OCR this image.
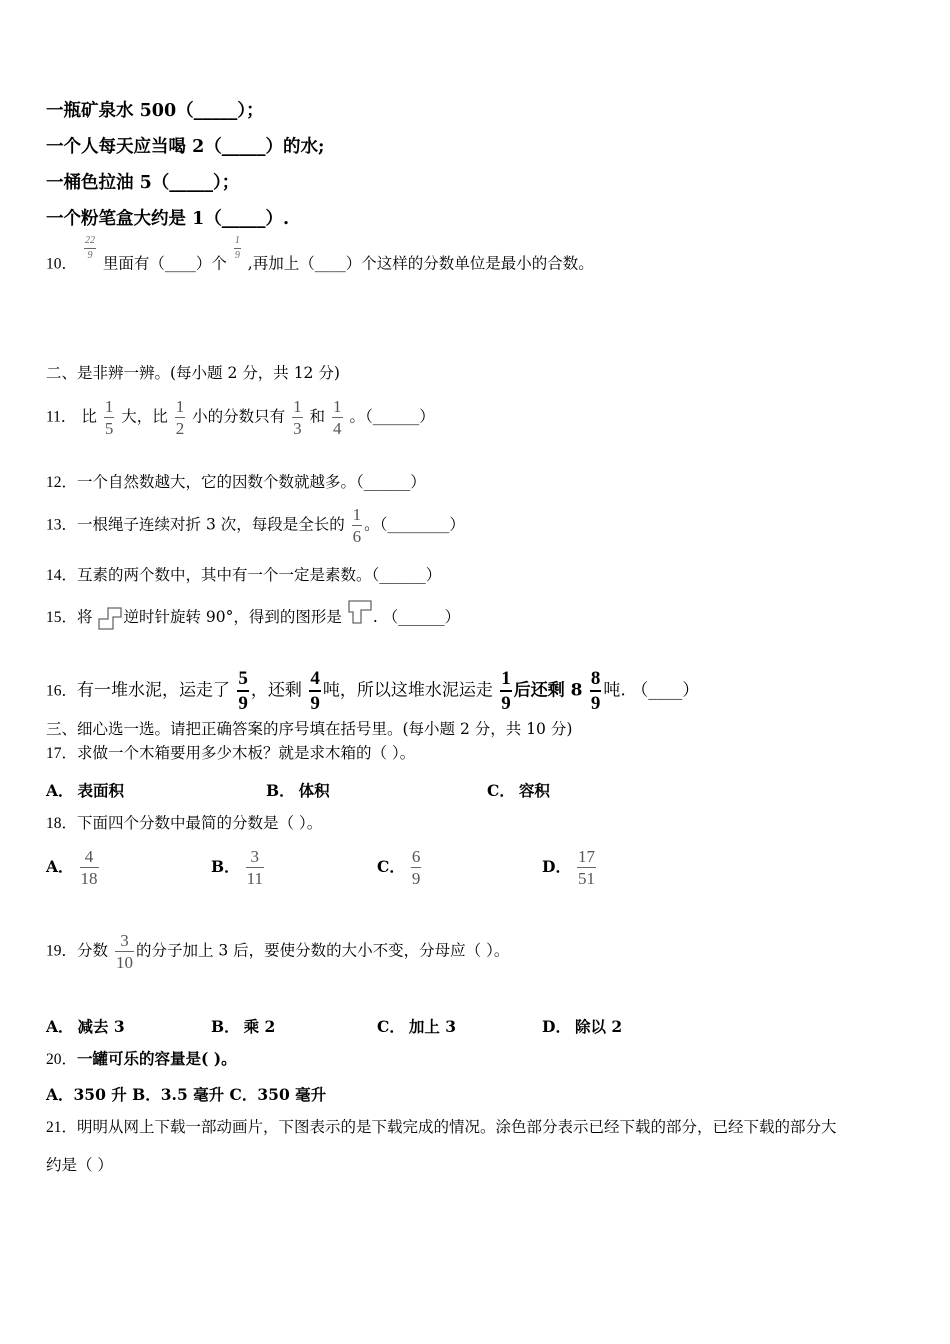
一瓶矿泉水 500（_____）；
一个人每天应当喝 2（_____）的水;
一桶色拉油 5（_____）；
一个粉笔盒大约是 1（_____）.
10．
$\frac{22}{9}$
里面有（____）个
$\frac{1}{9}$
,再加上（____）个这样的分数单位是最小的合数。
二、是非辨一辨。(每小题 2 分，共 12 分)
11． 比 $\frac{1}{5}$ 大，比 $\frac{1}{2}$ 小的分数只有 $\frac{1}{3}$ 和 $\frac{1}{4}$ 。（______）
12．一个自然数越大，它的因数个数就越多。（______）
13．一根绳子连续对折 3 次，每段是全长的 $\frac{1}{6}$ 。（________）
14．互素的两个数中，其中有一个一定是素数。（______）
15．将 逆时针旋转 90°，得到的图形是 . （______）
16．有一堆水泥，运走了 $\frac{5}{9}$ ，还剩 $\frac{4}{9}$ 吨，所以这堆水泥运走 $\frac{1}{9}$ 后还剩 $8 \frac{8}{9}$ 吨. （____）
三、细心选一选。请把正确答案的序号填在括号里。(每小题 2 分，共 10 分)
17．求做一个木箱要用多少木板？就是求木箱的（ ）。
A． 表面积	B． 体积	C． 容积
18．下面四个分数中最简的分数是（ ）。
A． $\frac{4}{18}$	B． $\frac{3}{11}$	C． $\frac{6}{9}$	D． $\frac{17}{51}$
19．分数 $\frac{3}{10}$ 的分子加上 3 后，要使分数的大小不变，分母应（ ）。
A． 减去 3	B． 乘 2	C． 加上 3	D． 除以 2
20．一罐可乐的容量是( )。
A．350 升 B．3.5 毫升 C．350 毫升
21．明明从网上下载一部动画片，下图表示的是下载完成的情况。涂色部分表示已经下载的部分，已经下载的部分大
约是（ ）
